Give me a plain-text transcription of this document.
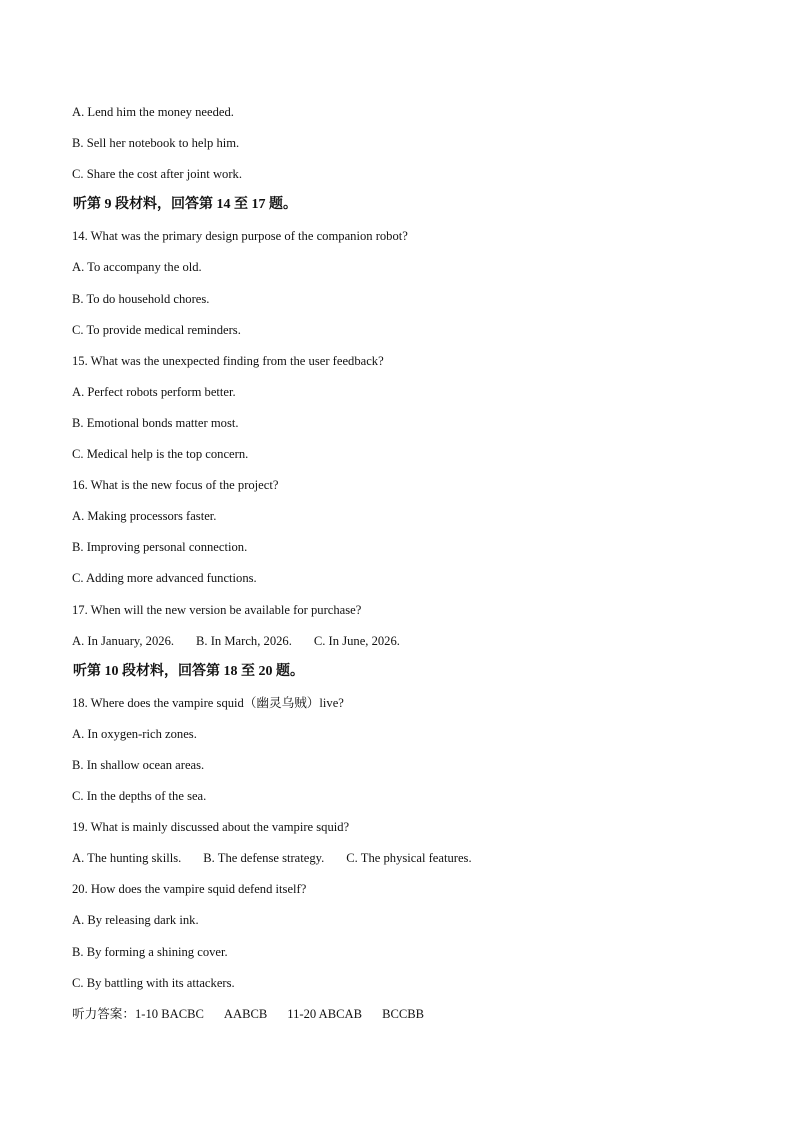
A. Lend him the money needed.
B. Sell her notebook to help him.
C. Share the cost after joint work.
听第 9 段材料，回答第 14 至 17 题。
14. What was the primary design purpose of the companion robot?
A. To accompany the old.
B. To do household chores.
C. To provide medical reminders.
15. What was the unexpected finding from the user feedback?
A. Perfect robots perform better.
B. Emotional bonds matter most.
C. Medical help is the top concern.
16. What is the new focus of the project?
A. Making processors faster.
B. Improving personal connection.
C. Adding more advanced functions.
17. When will the new version be available for purchase?
A. In January, 2026. B. In March, 2026. C. In June, 2026.
听第 10 段材料，回答第 18 至 20 题。
18. Where does the vampire squid（幽灵乌贼）live?
A. In oxygen-rich zones.
B. In shallow ocean areas.
C. In the depths of the sea.
19. What is mainly discussed about the vampire squid?
A. The hunting skills. B. The defense strategy. C. The physical features.
20. How does the vampire squid defend itself?
A. By releasing dark ink.
B. By forming a shining cover.
C. By battling with its attackers.
听力答案：1-10 BACBC AABCB 11-20 ABCAB BCCBB
